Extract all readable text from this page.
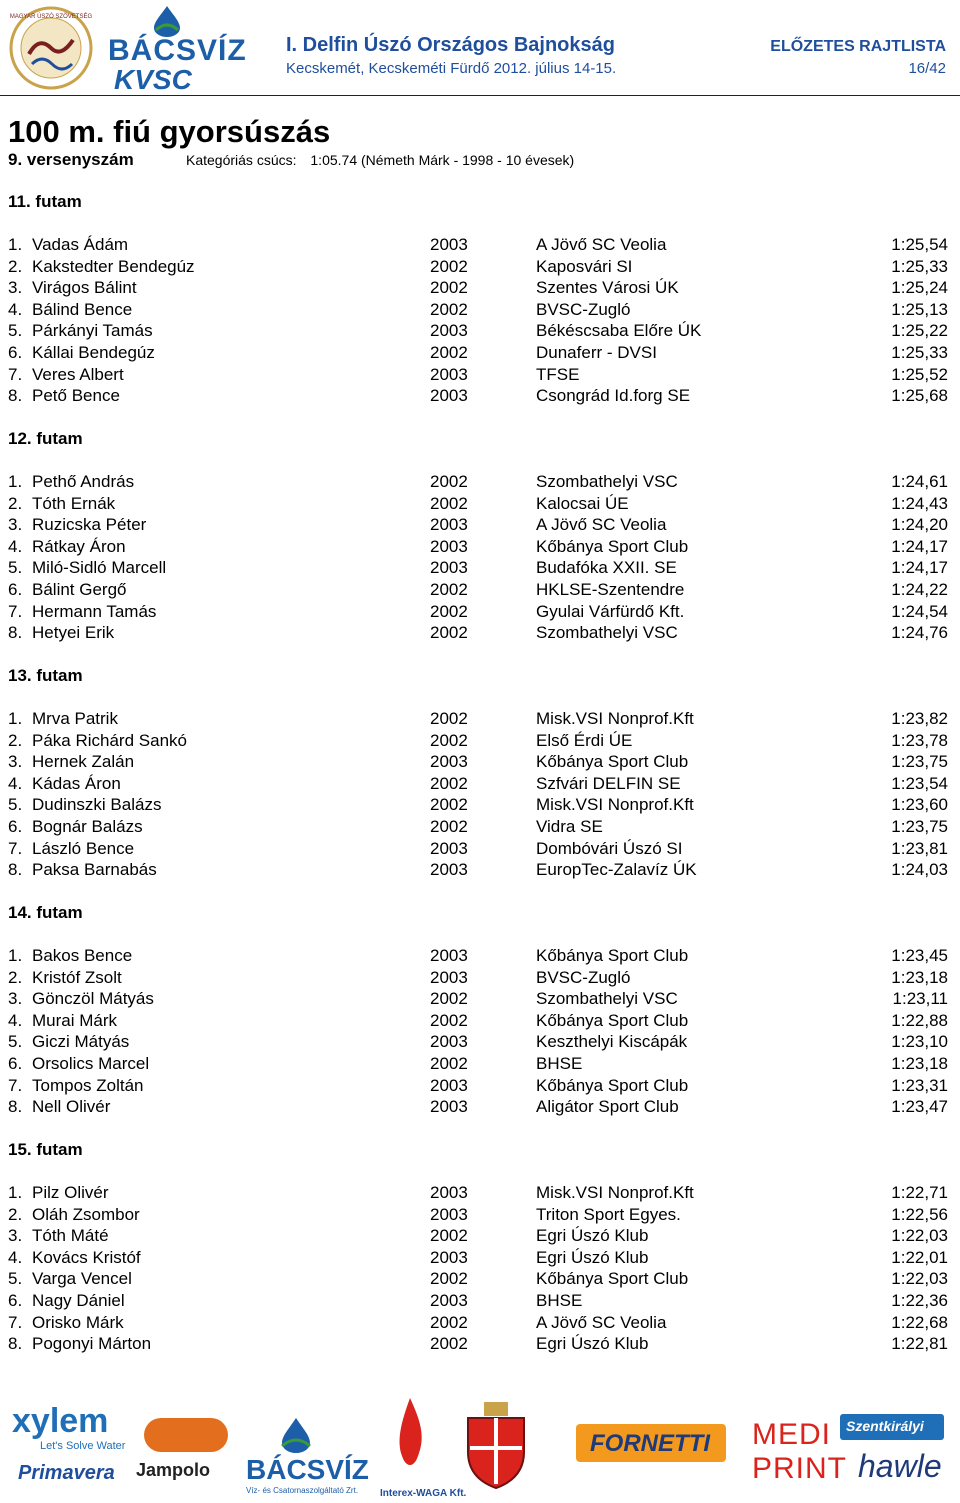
MAGYAR ÚSZÓ SZÖVETSÉG
BÁCSVÍZ
KVSC
I. Delfin Úszó Országos Bajnokság
Kecskemét, Kecskeméti Fürdő 2012. július 14-15.
ELŐZETES RAJTLISTA
16/42
100 m. fiú gyorsúszás
9. versenyszám	Kategóriás csúcs: 1:05.74 (Németh Márk - 1998 - 10 évesek)
11. futam
1. Vadas Ádám	2003	A Jövő SC Veolia	1:25,54
2. Kakstedter Bendegúz	2002	Kaposvári SI	1:25,33
3. Virágos Bálint	2002	Szentes Városi ÚK	1:25,24
4. Bálind Bence	2002	BVSC-Zugló	1:25,13
5. Párkányi Tamás	2003	Békéscsaba Előre ÚK	1:25,22
6. Kállai Bendegúz	2002	Dunaferr - DVSI	1:25,33
7. Veres Albert	2003	TFSE	1:25,52
8. Pető Bence	2003	Csongrád Id.forg SE	1:25,68
12. futam
1. Pethő András	2002	Szombathelyi VSC	1:24,61
2. Tóth Ernák	2002	Kalocsai ÚE	1:24,43
3. Ruzicska Péter	2003	A Jövő SC Veolia	1:24,20
4. Rátkay Áron	2003	Kőbánya Sport Club	1:24,17
5. Miló-Sidló Marcell	2003	Budafóka XXII. SE	1:24,17
6. Bálint Gergő	2002	HKLSE-Szentendre	1:24,22
7. Hermann Tamás	2002	Gyulai Várfürdő Kft.	1:24,54
8. Hetyei Erik	2002	Szombathelyi VSC	1:24,76
13. futam
1. Mrva Patrik	2002	Misk.VSI Nonprof.Kft	1:23,82
2. Páka Richárd Sankó	2002	Első Érdi ÚE	1:23,78
3. Hernek Zalán	2003	Kőbánya Sport Club	1:23,75
4. Kádas Áron	2002	Szfvári DELFIN SE	1:23,54
5. Dudinszki Balázs	2002	Misk.VSI Nonprof.Kft	1:23,60
6. Bognár Balázs	2002	Vidra SE	1:23,75
7. László Bence	2003	Dombóvári Úszó SI	1:23,81
8. Paksa Barnabás	2003	EuropTec-Zalavíz ÚK	1:24,03
14. futam
1. Bakos Bence	2003	Kőbánya Sport Club	1:23,45
2. Kristóf Zsolt	2003	BVSC-Zugló	1:23,18
3. Gönczöl Mátyás	2002	Szombathelyi VSC	1:23,11
4. Murai Márk	2002	Kőbánya Sport Club	1:22,88
5. Giczi Mátyás	2003	Keszthelyi Kiscápák	1:23,10
6. Orsolics Marcel	2002	BHSE	1:23,18
7. Tompos Zoltán	2003	Kőbánya Sport Club	1:23,31
8. Nell Olivér	2003	Aligátor Sport Club	1:23,47
15. futam
1. Pilz Olivér	2003	Misk.VSI Nonprof.Kft	1:22,71
2. Oláh Zsombor	2003	Triton Sport Egyes.	1:22,56
3. Tóth Máté	2002	Egri Úszó Klub	1:22,03
4. Kovács Kristóf	2003	Egri Úszó Klub	1:22,01
5. Varga Vencel	2002	Kőbánya Sport Club	1:22,03
6. Nagy Dániel	2003	BHSE	1:22,36
7. Orisko Márk	2002	A Jövő SC Veolia	1:22,68
8. Pogonyi Márton	2002	Egri Úszó Klub	1:22,81
xylem
Let's Solve Water
Primavera Jampolo BÁCSVÍZ
Víz- és Csatornaszolgáltató Zrt. Interex-WAGA Kft.
FORNETTI MEDI
PRINT
Szentkirályi
hawle
